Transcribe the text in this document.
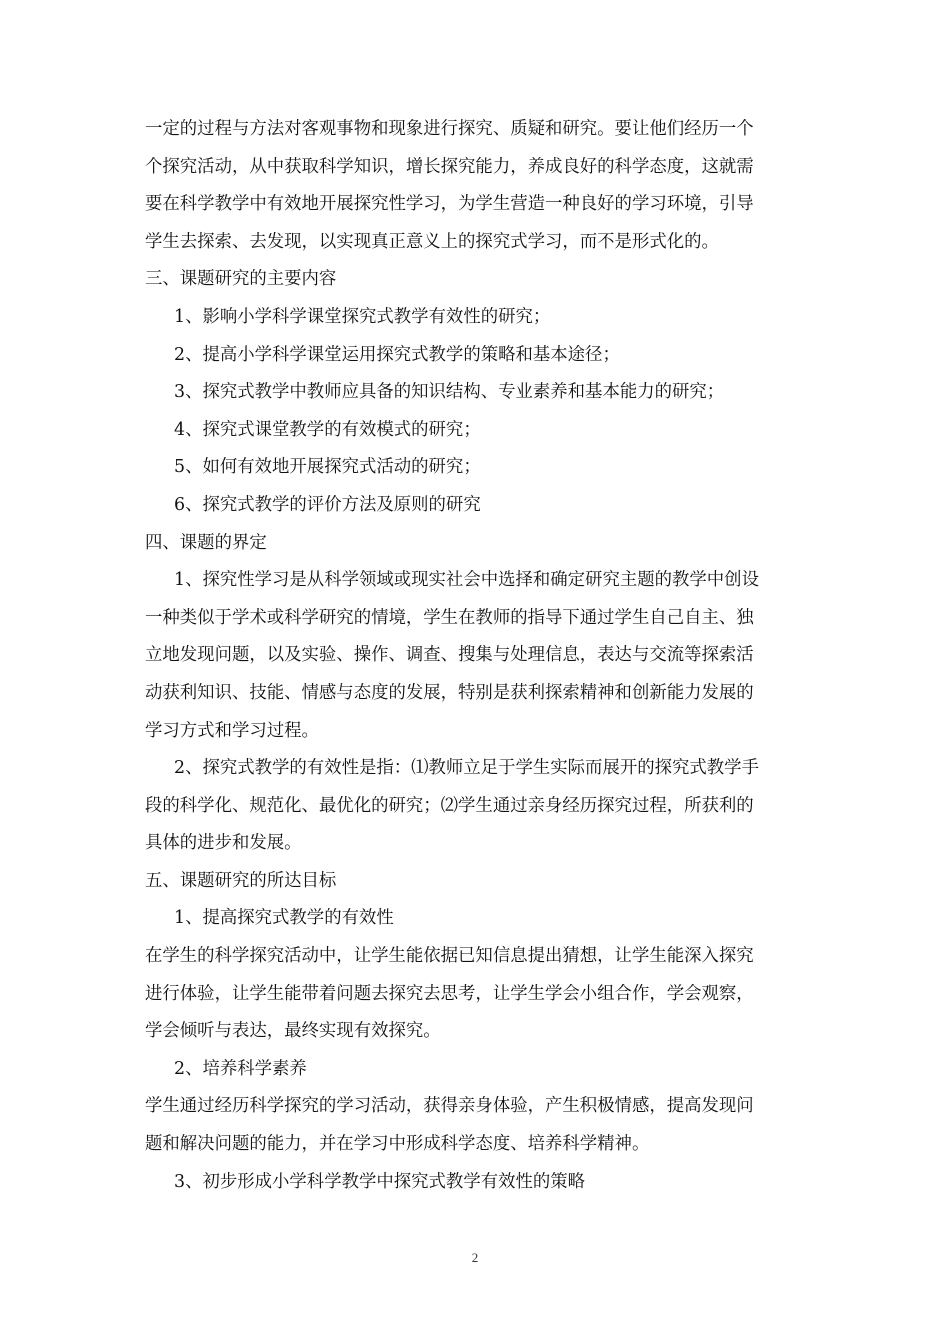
一定的过程与方法对客观事物和现象进行探究、质疑和研究。要让他们经历一个
个探究活动，从中获取科学知识，增长探究能力，养成良好的科学态度，这就需
要在科学教学中有效地开展探究性学习，为学生营造一种良好的学习环境，引导
学生去探索、去发现，以实现真正意义上的探究式学习，而不是形式化的。
三、课题研究的主要内容
1、影响小学科学课堂探究式教学有效性的研究；
2、提高小学科学课堂运用探究式教学的策略和基本途径；
3、探究式教学中教师应具备的知识结构、专业素养和基本能力的研究；
4、探究式课堂教学的有效模式的研究；
5、如何有效地开展探究式活动的研究；
6、探究式教学的评价方法及原则的研究
四、课题的界定
1、探究性学习是从科学领域或现实社会中选择和确定研究主题的教学中创设
一种类似于学术或科学研究的情境，学生在教师的指导下通过学生自己自主、独
立地发现问题，以及实验、操作、调查、搜集与处理信息，表达与交流等探索活
动获利知识、技能、情感与态度的发展，特别是获利探索精神和创新能力发展的
学习方式和学习过程。
2、探究式教学的有效性是指：⑴教师立足于学生实际而展开的探究式教学手
段的科学化、规范化、最优化的研究；⑵学生通过亲身经历探究过程，所获利的
具体的进步和发展。
五、课题研究的所达目标
1、提高探究式教学的有效性
在学生的科学探究活动中，让学生能依据已知信息提出猜想，让学生能深入探究
进行体验，让学生能带着问题去探究去思考，让学生学会小组合作，学会观察，
学会倾听与表达，最终实现有效探究。
2、培养科学素养
学生通过经历科学探究的学习活动，获得亲身体验，产生积极情感，提高发现问
题和解决问题的能力，并在学习中形成科学态度、培养科学精神。
3、初步形成小学科学教学中探究式教学有效性的策略
2
